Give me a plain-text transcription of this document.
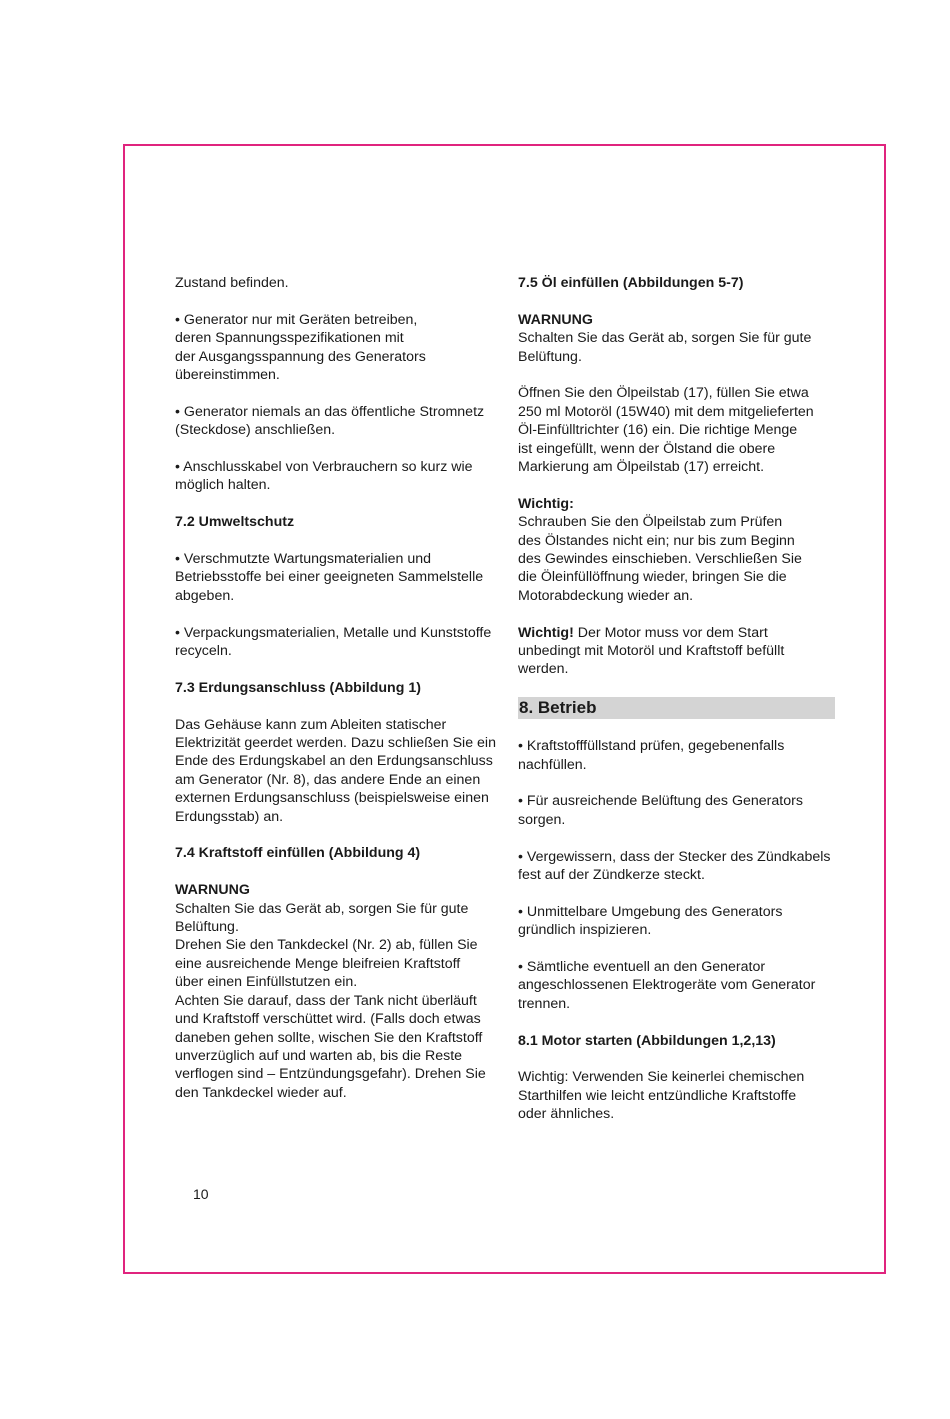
Zustand befinden.
• Generator nur mit Geräten betreiben,
deren Spannungsspezifikationen mit
der Ausgangsspannung des Generators
übereinstimmen.
• Generator niemals an das öffentliche Stromnetz
(Steckdose) anschließen.
• Anschlusskabel von Verbrauchern so kurz wie
möglich halten.
7.2 Umweltschutz
• Verschmutzte Wartungsmaterialien und
Betriebsstoffe bei einer geeigneten Sammelstelle
abgeben.
• Verpackungsmaterialien, Metalle und Kunststoffe
recyceln.
7.3 Erdungsanschluss (Abbildung 1)
Das Gehäuse kann zum Ableiten statischer
Elektrizität geerdet werden. Dazu schließen Sie ein
Ende des Erdungskabel an den Erdungsanschluss
am Generator (Nr. 8), das andere Ende an einen
externen Erdungsanschluss (beispielsweise einen
Erdungsstab) an.
7.4 Kraftstoff einfüllen (Abbildung 4)
WARNUNG
Schalten Sie das Gerät ab, sorgen Sie für gute
Belüftung.
Drehen Sie den Tankdeckel (Nr. 2) ab, füllen Sie
eine ausreichende Menge bleifreien Kraftstoff
über einen Einfüllstutzen ein.
Achten Sie darauf, dass der Tank nicht überläuft
und Kraftstoff verschüttet wird. (Falls doch etwas
daneben gehen sollte, wischen Sie den Kraftstoff
unverzüglich auf und warten ab, bis die Reste
verflogen sind – Entzündungsgefahr). Drehen Sie
den Tankdeckel wieder auf.
7.5 Öl einfüllen (Abbildungen 5-7)
WARNUNG
Schalten Sie das Gerät ab, sorgen Sie für gute
Belüftung.
Öffnen Sie den Ölpeilstab (17), füllen Sie etwa
250 ml Motoröl (15W40) mit dem mitgelieferten
Öl-Einfülltrichter (16) ein. Die richtige Menge
ist eingefüllt, wenn der Ölstand die obere
Markierung am Ölpeilstab (17) erreicht.
Wichtig:
Schrauben Sie den Ölpeilstab zum Prüfen
des Ölstandes nicht ein; nur bis zum Beginn
des Gewindes einschieben. Verschließen Sie
die Öleinfüllöffnung wieder, bringen Sie die
Motorabdeckung wieder an.
Wichtig! Der Motor muss vor dem Start
unbedingt mit Motoröl und Kraftstoff befüllt
werden.
8. Betrieb
• Kraftstofffüllstand prüfen, gegebenenfalls
nachfüllen.
• Für ausreichende Belüftung des Generators
sorgen.
• Vergewissern, dass der Stecker des Zündkabels
fest auf der Zündkerze steckt.
• Unmittelbare Umgebung des Generators
gründlich inspizieren.
• Sämtliche eventuell an den Generator
angeschlossenen Elektrogeräte vom Generator
trennen.
8.1 Motor starten (Abbildungen 1,2,13)
Wichtig: Verwenden Sie keinerlei chemischen
Starthilfen wie leicht entzündliche Kraftstoffe
oder ähnliches.
10
